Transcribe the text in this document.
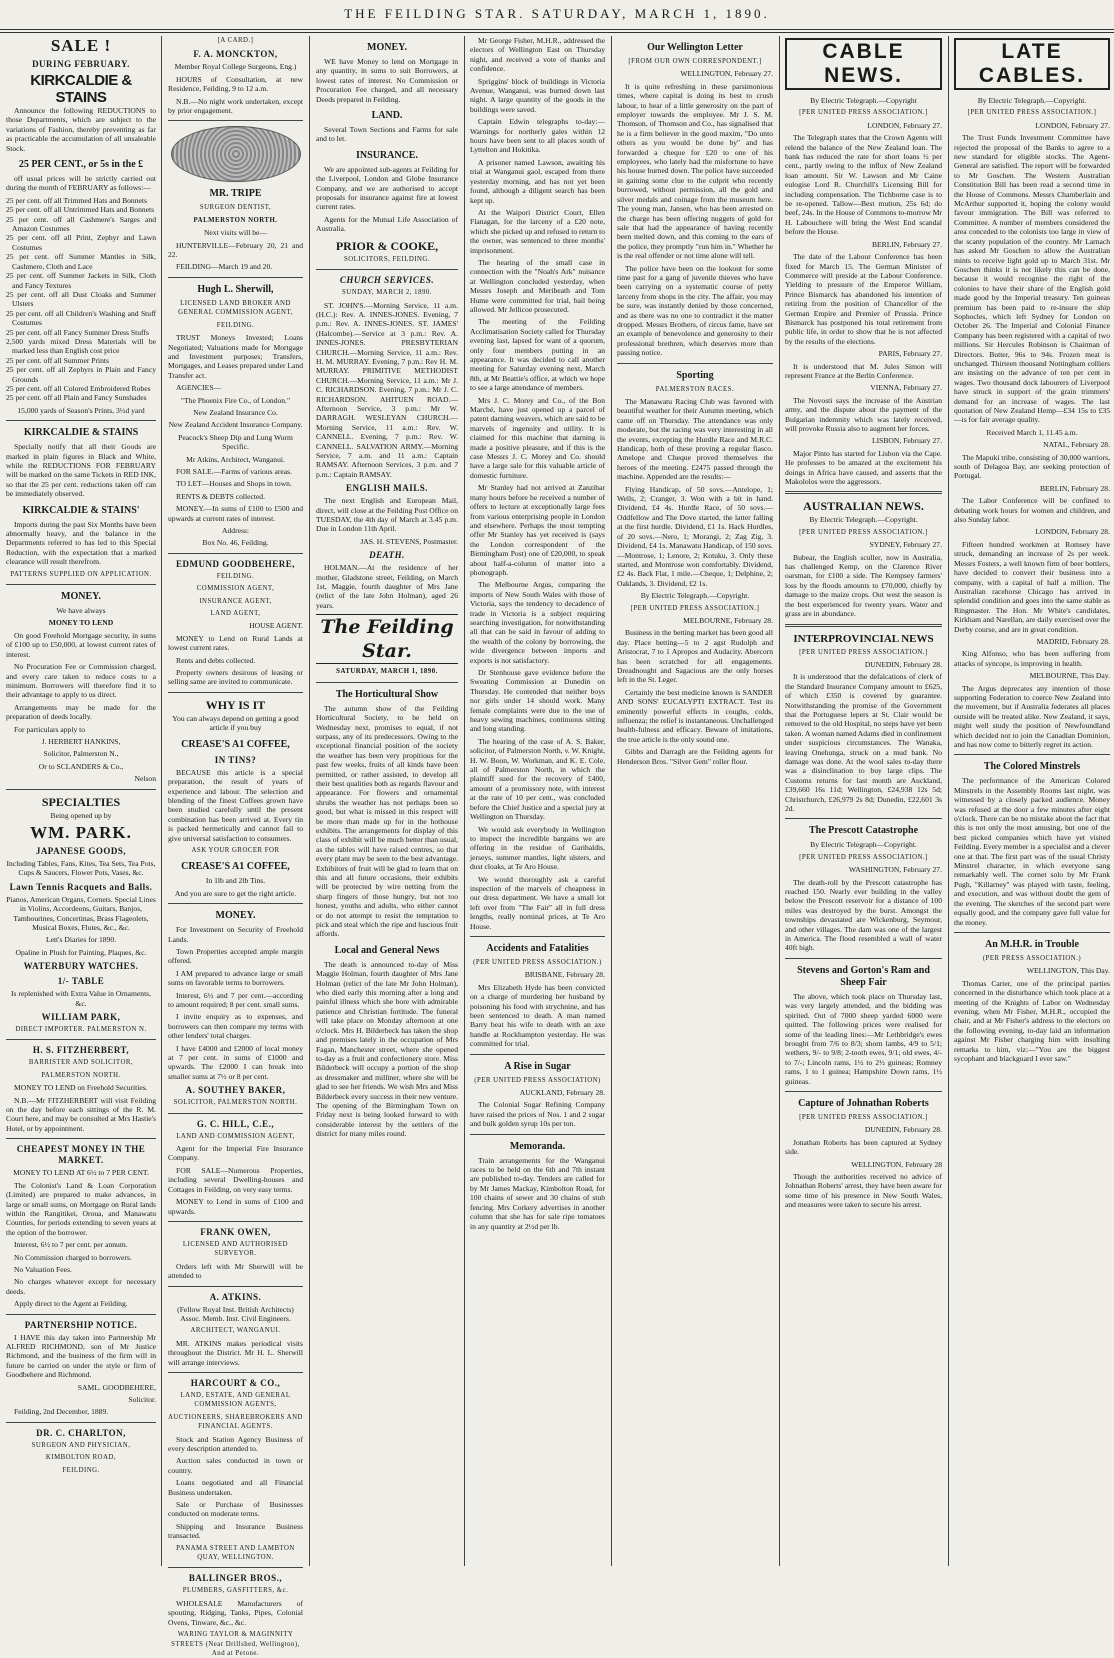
THE FEILDING STAR. SATURDAY, MARCH 1, 1890.
SALE !
DURING FEBRUARY.
KIRKCALDIE & STAINS

Announce the following REDUCTIONS to those Departments, which are subject to the variations of Fashion, thereby preventing as far as practicable the accumulation of all unsaleable Stock.

25 PER CENT., or 5s in the £

off usual prices will be strictly carried out during the month of FEBRUARY as follows:—

25 per cent. off all Trimmed Hats and Bonnets
25 per cent. off all Untrimmed Hats and Bonnets
25 per cent. off all Cashmere's Sarges and Amazon Costumes
25 per cent. off all Print, Zephyr and Lawn Costumes
25 per cent. off Summer Mantles in Silk, Cashmere, Cloth and Lace
25 per cent. off Summer Jackets in Silk, Cloth and Fancy Textures
25 per cent. off all Dust Cloaks and Summer Ulsters
25 per cent. off all Children's Washing and Stuff Costumes
25 per cent. off all Fancy Summer Dress Stuffs
2,500 yards mixed Dress Materials will be marked less than English cost price
25 per cent. off all Summer Prints
25 per cent. off all Zephyrs in Plain and Fancy Grounds
25 per cent. off all Colored Embroidered Robes
25 per cent. off all Plain and Fancy Sunshades

15,000 yards of Season's Prints, 3½d yard

KIRKCALDIE & STAINS

Specially notify that all their Goods are marked in plain figures in Black and White, while the REDUCTIONS FOR FEBRUARY will be marked on the same Tickets in RED INK, so that the 25 per cent. reductions taken off can be immediately observed.

KIRKCALDIE & STAINS'

Imports during the past Six Months have been abnormally heavy, and the balance in the Departments referred to has led to this Special Reduction, with the expectation that a marked clearance will result therefrom.

PATTERNS SUPPLIED ON APPLICATION.

MONEY.

We have always

MONEY TO LEND

On good Freehold Mortgage security, in sums of £100 up to £50,000, at lowest current rates of interest.

No Procuration Fee or Commission charged, and every care taken to reduce costs to a minimum. Borrowers will therefore find it to their advantage to apply to us direct.

Arrangements may be made for the preparation of deeds locally.

For particulars apply to

J. HERBERT HANKINS,

Solicitor, Palmerston N.,

Or to SCLANDERS & Co.,

Nelson

SPECIALTIES

Being opened up by

WM. PARK.
JAPANESE GOODS,

Including Tables, Fans, Kites, Tea Sets, Tea Pots, Cups & Saucers, Flower Pots, Vases, &c.

Lawn Tennis Racquets and Balls.

Pianos, American Organs, Cornets. Special Lines in Violins, Accordeons, Guitars, Banjos, Tambourines, Concertinas, Brass Flageolets, Musical Boxes, Flutes, &c., &c.

Lett's Diaries for 1890.

Opaline in Plush for Painting, Plaques, &c.

WATERBURY WATCHES.
1/- TABLE

Is replenished with Extra Value in Ornaments, &c.

WILLIAM PARK,

DIRECT IMPORTER. PALMERSTON N.

H. S. FITZHERBERT,

BARRISTER AND SOLICITOR,

PALMERSTON NORTH.

MONEY TO LEND on Freehold Securities.

N.B.—Mr FITZHERBERT will visit Feilding on the day before each sittings of the R. M. Court here, and may be consulted at Mrs Hastie's Hotel, or by appointment.

CHEAPEST MONEY IN THE MARKET.

MONEY TO LEND AT 6½ to 7 PER CENT.

The Colonist's Land & Loan Corporation (Limited) are prepared to make advances, in large or small sums, on Mortgage on Rural lands within the Rangitikei, Oroua, and Manawatu Counties, for periods extending to seven years at the option of the borrower.

Interest, 6½ to 7 per cent. per annum.

No Commission charged to borrowers.

No Valuation Fees.

No charges whatever except for necessary deeds.

Apply direct to the Agent at Feilding.

PARTNERSHIP NOTICE.

I HAVE this day taken into Partnership Mr ALFRED RICHMOND, son of Mr Justice Richmond, and the business of the firm will in future be carried on under the style or firm of Goodbehere and Richmond.

SAML. GOODBEHERE,

Solicitor.

Feilding, 2nd December, 1889.

DR. C. CHARLTON,

SURGEON AND PHYSICIAN,

KIMBOLTON ROAD,

FEILDING.

[A CARD.]

F. A. MONCKTON,

Member Royal College Surgeons, Eng.)

HOURS of Consultation, at new Residence, Feilding, 9 to 12 a.m.

N.B.—No night work undertaken, except by prior engagement.

MR. TRIPE

SURGEON DENTIST,

PALMERSTON NORTH.

Next visits will be—

HUNTERVILLE—February 20, 21 and 22.

FEILDING—March 19 and 20.

Hugh L. Sherwill,

LICENSED LAND BROKER AND GENERAL COMMISSION AGENT,

FEILDING.

TRUST Moneys Invested; Loans Negotiated; Valuations made for Mortgage and Investment purposes; Transfers, Mortgages, and Leases prepared under Land Transfer act.

AGENCIES—

"The Phoenix Fire Co., of London."

New Zealand Insurance Co.

New Zealand Accident Insurance Company.

Peacock's Sheep Dip and Lung Worm Specific.

Mr Atkins, Architect, Wanganui.

FOR SALE.—Farms of various areas.

TO LET—Houses and Shops in town.

RENTS & DEBTS collected.

MONEY.—In sums of £100 to £500 and upwards at current rates of interest.

Address:

Box No. 46, Feilding.

EDMUND GOODBEHERE,

FEILDING.

COMMISSION AGENT,

INSURANCE AGENT,

LAND AGENT,

HOUSE AGENT.

MONEY to Lend on Rural Lands at lowest current rates.

Rents and debts collected.

Property owners desirous of leasing or selling same are invited to communicate.

WHY IS IT

You can always depend on getting a good article if you buy

CREASE'S A1 COFFEE,
IN TINS?

BECAUSE this article is a special preparation, the result of years of experience and labour. The selection and blending of the finest Coffees grown have been studied carefully until the present combination has been arrived at. Every tin is packed hermetically and cannot fail to give universal satisfaction to consumers.

ASK YOUR GROCER FOR

CREASE'S A1 COFFEE,

In 1lb and 2lb Tins.

And you are sure to get the right article.

MONEY.

For Investment on Security of Freehold Lands.

Town Properties accepted ample margin offered.

I AM prepared to advance large or small sums on favorable terms to borrowers.

Interest, 6½ and 7 per cent.—according to amount required; 8 per cent. small sums.

I invite enquiry as to expenses, and borrowers can then compare my terms with other lenders' total charges.

I have £4000 and £2000 of local money at 7 per cent. in sums of £1000 and upwards. The £2000 I can break into smaller sums at 7½ or 8 per cent.

A. SOUTHEY BAKER,

SOLICITOR, PALMERSTON NORTH.

G. C. HILL, C.E.,

LAND AND COMMISSION AGENT,

Agent for the Imperial Fire Insurance Company.

FOR SALE—Numerous Properties, including several Dwelling-houses and Cottages in Feilding, on very easy terms.

MONEY to Lend in sums of £100 and upwards.

FRANK OWEN,

LICENSED AND AUTHORISED SURVEYOR.

Orders left with Mr Sherwill will be attended to

A. ATKINS.

(Fellow Royal Inst. British Architects) Assoc. Memb. Inst. Civil Engineers.

ARCHITECT, WANGANUI.

MR. ATKINS makes periodical visits throughout the District. Mr H. L. Sherwill will arrange interviews.

HARCOURT & CO.,

LAND, ESTATE, AND GENERAL COMMISSION AGENTS,

AUCTIONEERS, SHAREBROKERS AND FINANCIAL AGENTS.

Stock and Station Agency Business of every description attended to.

Auction sales conducted in town or country.

Loans negotiated and all Financial Business undertaken.

Sale or Purchase of Businesses conducted on moderate terms.

Shipping and Insurance Business transacted.

PANAMA STREET AND LAMBTON QUAY, WELLINGTON.

BALLINGER BROS.,

PLUMBERS, GASFITTERS, &c.

WHOLESALE Manufacturers of spouting, Ridging, Tanks, Pipes, Colonial Ovens, Tinware, &c., &c.

WARING TAYLOR & MAGINNITY STREETS (Near Drillshed, Wellington), And at Petone.

MONEY.

WE have Money to lend on Mortgage in any quantity, in sums to suit Borrowers, at lowest rates of interest. No Commission or Procuration Fee charged, and all necessary Deeds prepared in Feilding.

LAND.

Several Town Sections and Farms for sale and to let.

INSURANCE.

We are appointed sub-agents at Feilding for the Liverpool, London and Globe Insurance Company, and we are authorised to accept proposals for insurance against fire at lowest current rates.

Agents for the Mutual Life Association of Australia.

PRIOR & COOKE,

SOLICITORS, FEILDING.

CHURCH SERVICES.

SUNDAY, MARCH 2, 1890.

ST. JOHN'S.—Morning Service, 11 a.m. (H.C.): Rev. A. INNES-JONES. Evening, 7 p.m.: Rev. A. INNES-JONES. ST. JAMES' (Halcombe).—Service at 3 p.m.: Rev. A. INNES-JONES. PRESBYTERIAN CHURCH.—Morning Service, 11 a.m.: Rev. H. M. MURRAY. Evening, 7 p.m.: Rev H. M. MURRAY. PRIMITIVE METHODIST CHURCH.—Morning Service, 11 a.m.: Mr J. C. RICHARDSON. Evening, 7 p.m.: Mr J. C. RICHARDSON. AHITUEN ROAD.—Afternoon Service, 3 p.m.: Mr W. DARRAGH. WESLEYAN CHURCH.—Morning Service, 11 a.m.: Rev. W. CANNELL. Evening, 7 p.m.: Rev. W. CANNELL. SALVATION ARMY.—Morning Service, 7 a.m. and 11 a.m.: Captain RAMSAY. Afternoon Services, 3 p.m. and 7 p.m.: Captain RAMSAY.

ENGLISH MAILS.

The next English and European Mail, direct, will close at the Feilding Post Office on TUESDAY, the 4th day of March at 3.45 p.m. Due in London 11th April.

JAS. H. STEVENS, Postmaster.

DEATH.

HOLMAN.—At the residence of her mother, Gladstone street, Feilding, on March 1st, Maggie, fourth daughter of Mrs Jane (relict of the late John Holman), aged 26 years.

The Feilding Star.

SATURDAY, MARCH 1, 1890.

The Horticultural Show

The autumn show of the Feilding Horticultural Society, to be held on Wednesday next, promises to equal, if not surpass, any of its predecessors. Owing to the exceptional financial position of the society the weather has been very propitious for the past few weeks, fruits of all kinds have been permitted, or rather assisted, to develop all their best qualities both as regards flavour and appearance. For flowers and ornamental shrubs the weather has not perhaps been so good, but what is missed in this respect will be more than made up for in the hothouse exhibits. The arrangements for display of this class of exhibit will be much better than usual, as the tables will have raised centres, so that every plant may be seen to the best advantage. Exhibitors of fruit will be glad to learn that on this and all future occasions, their exhibits will be protected by wire netting from the sharp fingers of those hungry, but not too honest, youths and adults, who either cannot or do not attempt to resist the temptation to pick and steal which the ripe and luscious fruit affords.

Local and General News

The death is announced to-day of Miss Maggie Holman, fourth daughter of Mrs Jane Holman (relict of the late Mr John Holman), who died early this morning after a long and painful illness which she bore with admirable patience and Christian fortitude. The funeral will take place on Monday afternoon at one o'clock. Mrs H. Bilderbeck has taken the shop and premises lately in the occupation of Mrs Fagan, Manchester street, where she opened to-day as a fruit and confectionery store. Miss Bilderbeck will occupy a portion of the shop as dressmaker and milliner, where she will be glad to see her friends. We wish Mrs and Miss Bilderbeck every success in their new venture. The opening of the Birmingham Town on Friday next is being looked forward to with considerable interest by the settlers of the district for many miles round.

Mr George Fisher, M.H.R., addressed the electors of Wellington East on Thursday night, and received a vote of thanks and confidence.

Spriggins' block of buildings in Victoria Avenue, Wanganui, was burned down last night. A large quantity of the goods in the buildings were saved.

Captain Edwin telegraphs to-day:—Warnings for northerly gales within 12 hours have been sent to all places south of Lyttelton and Hokitika.

A prisoner named Lawson, awaiting his trial at Wanganui gaol, escaped from there yesterday morning, and has not yet been found, although a diligent search has been kept up.

At the Waipori District Court, Ellen Flanagan, for the larceny of a £20 note, which she picked up and refused to return to the owner, was sentenced to three months' imprisonment.

The hearing of the small case in connection with the "Noah's Ark" nuisance at Wellington concluded yesterday, when Messrs Joseph and Meribeath and Tom Hume were committed for trial, bail being allowed. Mr Jellicoe prosecuted.

The meeting of the Feilding Acclimatisation Society called for Thursday evening last, lapsed for want of a quorum, only four members putting in an appearance. It was decided to call another meeting for Saturday evening next, March 8th, at Mr Beattie's office, at which we hope to see a large attendance of members.

Mrs J. C. Morey and Co., of the Bon Marché, have just opened up a parcel of patent darning weavers, which are said to be marvels of ingenuity and utility. It is claimed for this machine that darning is made a positive pleasure, and if this is the case Messrs J. C. Morey and Co. should have a large sale for this valuable article of domestic furniture.

Mr Stanley had not arrived at Zanzibar many hours before he received a number of offers to lecture at exceptionally large fees from various enterprising people in London and elsewhere. Perhaps the most tempting offer Mr Stanley has yet received is (says the London correspondent of the Birmingham Post) one of £20,000, to speak about half-a-column of matter into a phonograph.

The Melbourne Argus, comparing the imports of New South Wales with those of Victoria, says the tendency to decadence of trade in Victoria is a subject requiring searching investigation, for notwithstanding all that can be said in favour of adding to the wealth of the colony by borrowing, the wide divergence between imports and exports is not satisfactory.

Dr Stenhouse gave evidence before the Sweating Commission at Dunedin on Thursday. He contended that neither boys nor girls under 14 should work. Many female complaints were due to the use of heavy sewing machines, continuous sitting and long standing.

The hearing of the case of A. S. Baker, solicitor, of Palmerston North, v. W. Knight, H. W. Boon, W. Workman, and K. E. Cole, all of Palmerston North, in which the plaintiff sued for the recovery of £400, amount of a promissory note, with interest at the rate of 10 per cent., was concluded before the Chief Justice and a special jury at Wellington on Thursday.

We would ask everybody in Wellington to inspect the incredible bargains we are offering in the residue of Garibaldis, jerseys, summer mantles, light ulsters, and dust cloaks, at Te Aro House.

We would thoroughly ask a careful inspection of the marvels of cheapness in our dress department. We have a small lot left over from "The Fair" all in full dress lengths, really nominal prices, at Te Aro House.

Accidents and Fatalities

(PER UNITED PRESS ASSOCIATION.)

BRISBANE, February 28.

Mrs Elizabeth Hyde has been convicted on a charge of murdering her husband by poisoning his food with strychnine, and has been sentenced to death. A man named Barry beat his wife to death with an axe handle at Rockhampton yesterday. He was committed for trial.

A Rise in Sugar

(PER UNITED PRESS ASSOCIATION)

AUCKLAND, February 28.

The Colonial Sugar Refining Company have raised the prices of Nos. 1 and 2 sugar and bulk golden syrup 10s per ton.

Memoranda.

Train arrangements for the Wanganui races to be held on the 6th and 7th instant are published to-day. Tenders are called for by Mr James Mackay, Kimbolton Road, for 100 chains of sewer and 30 chains of stub fencing. Mrs Corkery advertises in another column that she has for sale ripe tomatoes in any quantity at 2½d per lb.

Our Wellington Letter

[FROM OUR OWN CORRESPONDENT.]

WELLINGTON, February 27.

It is quite refreshing in these parsimonious times, where capital is doing its best to crush labour, to hear of a little generosity on the part of employer towards the employee. Mr J. S. M. Thomson, of Thomson and Co., has signalised that he is a firm believer in the good maxim, "Do unto others as you would be done by" and has forwarded a cheque for £20 to one of his employees, who lately had the misfortune to have his house burned down. The police have succeeded in gaining some clue to the culprit who recently burrowed, without permission, all the gold and silver medals and coinage from the museum here. The young man, Jansen, who has been arrested on the charge has been offering nuggets of gold for sale that had the appearance of having recently been melted down, and this coming to the ears of the police, they promptly "run him in." Whether he is the real offender or not time alone will tell.

The police have been on the lookout for some time past for a gang of juvenile thieves who have been carrying on a systematic course of petty larceny from shops in the city. The affair, you may be sure, was instantly denied by those concerned, and as there was no one to contradict it the matter dropped. Messrs Brothers, of circus fame, have set an example of benevolence and generosity to their professional brethren, which deserves more than passing notice.

Sporting

PALMERSTON RACES.

The Manawatu Racing Club was favored with beautiful weather for their Autumn meeting, which came off on Thursday. The attendance was only moderate, but the racing was very interesting in all the events, excepting the Hurdle Race and M.R.C. Handicap, both of these proving a regular fiasco. Amelope and Cheque proved themselves the heroes of the meeting. £2475 passed through the machine. Appended are the results:—

Flying Handicap, of 50 sovs.—Antelope, 1; Wells, 2; Cranger, 3. Won with a bit in hand. Dividend, £4 4s. Hurdle Race, of 50 sovs.—Oddfellow and The Dove started, the latter falling at the first hurdle. Dividend, £1 1s. Hack Hurdles, of 20 sovs.—Nero, 1; Morangi, 2; Zag Zig, 3. Dividend, £4 1s. Manawatu Handicap, of 150 sovs.—Montrose, 1; Lenore, 2; Kotuku, 3. Only these started, and Montrose won comfortably. Dividend, £2 4s. Back Flat, 1 mile.—Cheque, 1; Delphine, 2; Oaklands, 3. Dividend, £2 1s.

By Electric Telegraph.—Copyright.

[PER UNITED PRESS ASSOCIATION.]

MELBOURNE, February 28.

Business in the betting market has been good all day. Place betting—5 to 2 agst Rudolph and Aristocrat, 7 to 1 Apropos and Audacity. Abercorn has been scratched for all engagements. Dreadnought and Sagacious are the only horses left in the St. Leger.

Certainly the best medicine known is SANDER AND SONS' EUCALYPTI EXTRACT. Test its eminently powerful effects in coughs, colds, influenza; the relief is instantaneous. Unchallenged health-fulness and efficacy. Beware of imitations, the true article is the only sound one.

Gibbs and Darragh are the Feilding agents for Henderson Bros. "Silver Gem" roller flour.

CABLE NEWS.

By Electric Telegraph.—Copyright

[PER UNITED PRESS ASSOCIATION.]

LONDON, February 27.

The Telegraph states that the Crown Agents will relend the balance of the New Zealand loan. The bank has reduced the rate for short loans ½ per cent., partly owing to the influx of New Zealand loan amount. Sir W. Lawson and Mr Caine eulogise Lord R. Churchill's Licensing Bill for including compensation. The Tichborne case is to be re-opened. Tallow—Best mutton, 25s 6d; do beef, 24s. In the House of Commons to-morrow Mr H. Labouchere will bring the West End scandal before the House.

BERLIN, February 27.

The date of the Labour Conference has been fixed for March 15. The German Minister of Commerce will preside at the Labour Conference. Yielding to pressure of the Emperor William, Prince Bismarck has abandoned his intention of retiring from the position of Chancellor of the German Empire and Premier of Prussia. Prince Bismarck has postponed his total retirement from public life, in order to show that he is not affected by the results of the elections.

PARIS, February 27.

It is understood that M. Jules Simon will represent France at the Berlin Conference.

VIENNA, February 27.

The Novosti says the increase of the Austrian army, and the dispute about the payment of the Bulgarian indemnity which was lately received, will provoke Russia also to augment her forces.

LISBON, February 27.

Major Pinto has started for Lisbon via the Cape. He professes to be amazed at the excitement his doings in Africa have caused, and asserts that the Makololos were the aggressors.

AUSTRALIAN NEWS.

By Electric Telegraph.—Copyright.

[PER UNITED PRESS ASSOCIATION.]

SYDNEY, February 27.

Bubear, the English sculler, now in Australia, has challenged Kemp, on the Clarence River oarsman, for £100 a side. The Kempsey farmers' loss by the floods amounts to £70,000, chiefly by damage to the maize crops. Out west the season is the best experienced for twenty years. Water and grass are in abundance.

INTERPROVINCIAL NEWS

[PER UNITED PRESS ASSOCIATION.]

DUNEDIN, February 28.

It is understood that the defalcations of clerk of the Standard Insurance Company amount to £625, of which £350 is covered by guarantee. Notwithstanding the promise of the Government that the Portuguese lepers at St. Clair would be removed to the old Hospital, no steps have yet been taken. A woman named Adams died in confinement under suspicious circumstances. The Wanaka, leaving Onehunga, struck on a mud bank. No damage was done. At the wool sales to-day there was a disinclination to buy large clips. The Customs returns for last month are Auckland, £39,660 16s 11d; Wellington, £24,938 12s 5d; Christchurch, £26,979 2s 8d; Dunedin, £22,601 3s 2d.

The Prescott Catastrophe

By Electric Telegraph—Copyright.

[PER UNITED PRESS ASSOCIATION.]

WASHINGTON, February 27.

The death-roll by the Prescott catastrophe has reached 150. Nearly ever building in the valley below the Prescott reservoir for a distance of 100 miles was destroyed by the burst. Amongst the townships devastated are Wickenburg, Seymour, and other villages. The dam was one of the largest in America. The flood resembled a wall of water 40ft high.

Stevens and Gorton's Ram and Sheep Fair

The above, which took place on Thursday last, was very largely attended, and the bidding was spirited. Out of 7000 sheep yarded 6000 were quitted. The following prices were realised for some of the leading lines:—Mr Lethbridge's ewes brought from 7/6 to 8/3; shorn lambs, 4/9 to 5/1; wethers, 9/- to 9/8; 2-tooth ewes, 9/1; old ewes, 4/- to 7/-; Lincoln rams, 1½ to 2½ guineas; Romney rams, 1 to 1 guinea; Hampshire Down rams, 1½ guineas.

Capture of Johnathan Roberts

[PER UNITED PRESS ASSOCIATION.]

DUNEDIN, February 28.

Jonathan Roberts has been captured at Sydney side.

WELLINGTON, February 28

Though the authorities received no advice of Johnathan Roberts' arrest, they have been aware for some time of his presence in New South Wales, and measures were taken to secure his arrest.

LATE CABLES.

By Electric Telegraph.—Copyright.

[PER UNITED PRESS ASSOCIATION.]

LONDON, February 27.

The Trust Funds Investment Committee have rejected the proposal of the Banks to agree to a new standard for eligible stocks. The Agent-General are satisfied. The report will be forwarded to Mr Goschen. The Western Australian Constitution Bill has been read a second time in the House of Commons. Messrs Chamberlain and McArthur supported it, hoping the colony would favour immigration. The Bill was referred to Committee. A number of members considered the area conceded to the colonists too large in view of the scanty population of the country. Mr Larnach has asked Mr Goschen to allow the Australian mints to receive light gold up to March 31st. Mr Goschen thinks it is not likely this can be done, because it would recognise the right of the colonies to have their share of the English gold made good by the Imperial treasury. Ten guineas premium has been paid to re-insure the ship Sophocles, which left Sydney for London on October 26. The Imperial and Colonial Finance Company has been registered with a capital of two millions. Sir Hercules Robinson is Chairman of Directors. Butter, 96s to 94s. Frozen meat is unchanged. Thirteen thousand Nottingham colliers are insisting on the advance of ten per cent in wages. Two thousand dock labourers of Liverpool have struck in support of the grain trimmers' demand for an increase of wages. The last quotation of New Zealand Hemp—£34 15s to £35—is for fair average quality.

Received March 1, 11.45 a.m.

NATAL, February 28.

The Mapuki tribe, consisting of 30,000 warriors, south of Delagoa Bay, are seeking protection of Portugal.

BERLIN, February 28.

The Labor Conference will be confined to debating work hours for women and children, and also Sunday labor.

LONDON, February 28.

Fifteen hundred workmen at Romsey have struck, demanding an increase of 2s per week. Messrs Fosters, a well known firm of beer bottlers, have decided to convert their business into a company, with a capital of half a million. The Australian racehorse Chicago has arrived in splendid condition and goes into the same stable as Ringmaster. The Hon. Mr White's candidates, Kirkham and Narellan, are daily exercised over the Derby course, and are in great condition.

MADRID, February 28.

King Alfonso, who has been suffering from attacks of syncope, is improving in health.

MELBOURNE, This Day.

The Argus deprecates any intention of those supporting Federation to coerce New Zealand into the movement, but if Australia federates all places outside will be treated alike. New Zealand, it says, might well study the position of Newfoundland which decided not to join the Canadian Dominion, and has now come to bitterly regret its action.

The Colored Minstrels

The performance of the American Colored Minstrels in the Assembly Rooms last night, was witnessed by a closely packed audience. Money was refused at the door a few minutes after eight o'clock. There can be no mistake about the fact that this is not only the most amusing, but one of the best picked companies which have yet visited Feilding. Every member is a specialist and a clever one at that. The first part was of the usual Christy Minstrel character, in which everyone sang remarkably well. The cornet solo by Mr Frank Pugh, "Killarney" was played with taste, feeling, and execution, and was without doubt the gem of the evening. The sketches of the second part were equally good, and the company gave full value for the money.

An M.H.R. in Trouble

(PER PRESS ASSOCIATION.)

WELLINGTON, This Day.

Thomas Carter, one of the principal parties concerned in the disturbance which took place at a meeting of the Knights of Labor on Wednesday evening, when Mr Fisher, M.H.R., occupied the chair, and at Mr Fisher's address to the electors on the following evening, to-day laid an information against Mr Fisher charging him with insulting remarks to him, viz:—"You are the biggest sycophant and blackguard I ever saw."
